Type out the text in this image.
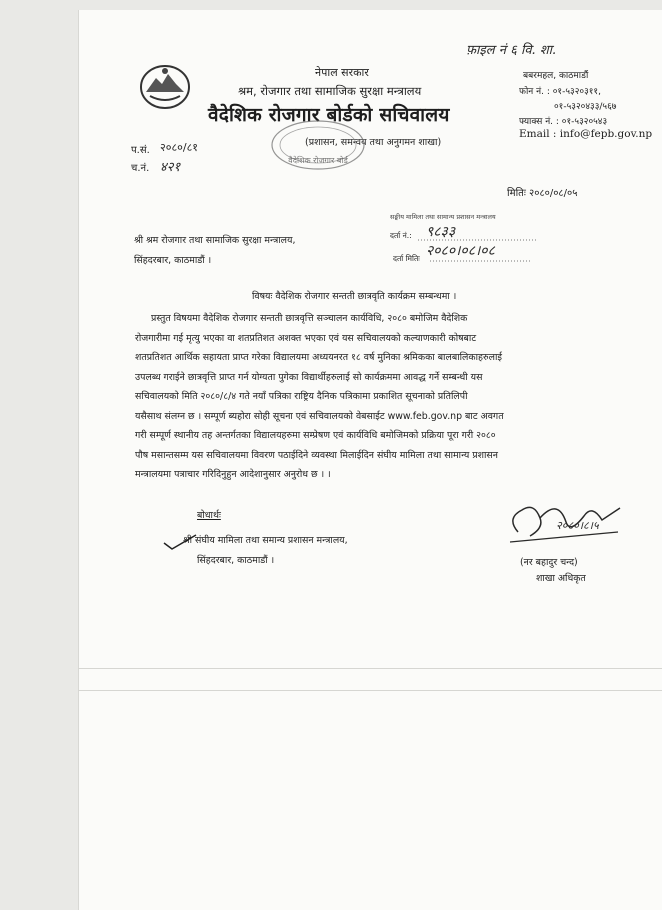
नेपाल सरकार
श्रम, रोजगार तथा सामाजिक सुरक्षा मन्त्रालय
वैदेशिक रोजगार बोर्डको सचिवालय
(प्रशासन, समन्वय तथा अनुगमन शाखा)
वैदेशिक रोजगार बोर्ड
फ़ाइल नं ६ वि. शा.
बबरमहल, काठमाडौं
फोन नं. : ०१-५३२०३११,
०१-५३२०४३३/५६७
फ्याक्स नं. : ०१-५३२०५४३
Email : info@fepb.gov.np
प.सं. २०८०/८१
च.नं. ४२१
मितिः २०८०/०८/०५
श्री श्रम रोजगार तथा सामाजिक सुरक्षा मन्त्रालय,
सिंहदरबार, काठमाडौं ।
सङ्घीय मामिला तथा सामान्य प्रशासन मन्त्रालय
दर्ता नं.: ९८३३
दर्ता मितिः २०८०।०८।०८
विषयः वैदेशिक रोजगार सन्तती छात्रवृति कार्यक्रम सम्बन्धमा ।
प्रस्तुत विषयमा वैदेशिक रोजगार सन्तती छात्रवृत्ति सञ्चालन कार्यविधि, २०८० बमोजिम वैदेशिक
रोजगारीमा गई मृत्यु भएका वा शतप्रतिशत अशक्त भएका एवं यस सचिवालयको कल्याणकारी कोषबाट
शतप्रतिशत आर्थिक सहायता प्राप्त गरेका विद्यालयमा अध्ययनरत १८ वर्ष मुनिका श्रमिकका बालबालिकाहरुलाई
उपलब्ध गराईने छात्रवृत्ति प्राप्त गर्न योग्यता पुगेका विद्यार्थीहरुलाई सो कार्यक्रममा आवद्ध गर्ने सम्बन्धी यस
सचिवालयको मिति २०८०/८/४ गते नयाँ पत्रिका राष्ट्रिय दैनिक पत्रिकामा प्रकाशित सूचनाको प्रतिलिपी
यसैसाथ संलग्न छ । सम्पूर्ण ब्यहोरा सोही सूचना एवं सचिवालयको वेबसाईट www.feb.gov.np बाट अवगत
गरी सम्पूर्ण स्थानीय तह अन्तर्गतका विद्यालयहरुमा सम्प्रेषण एवं कार्यविधि बमोजिमको प्रक्रिया पूरा गरी २०८०
पौष मसान्तसम्म यस सचिवालयमा विवरण पठाईदिने व्यवस्था मिलाईदिन संघीय मामिला तथा सामान्य प्रशासन
मन्त्रालयमा पत्राचार गरिदिनुहुन आदेशानुसार अनुरोध छ । ।
बोधार्थः
श्री संघीय मामिला तथा समान्य प्रशासन मन्त्रालय,
सिंहदरबार, काठमाडौं ।
२०८०।८।५
(नर बहादुर चन्द)
शाखा अधिकृत
